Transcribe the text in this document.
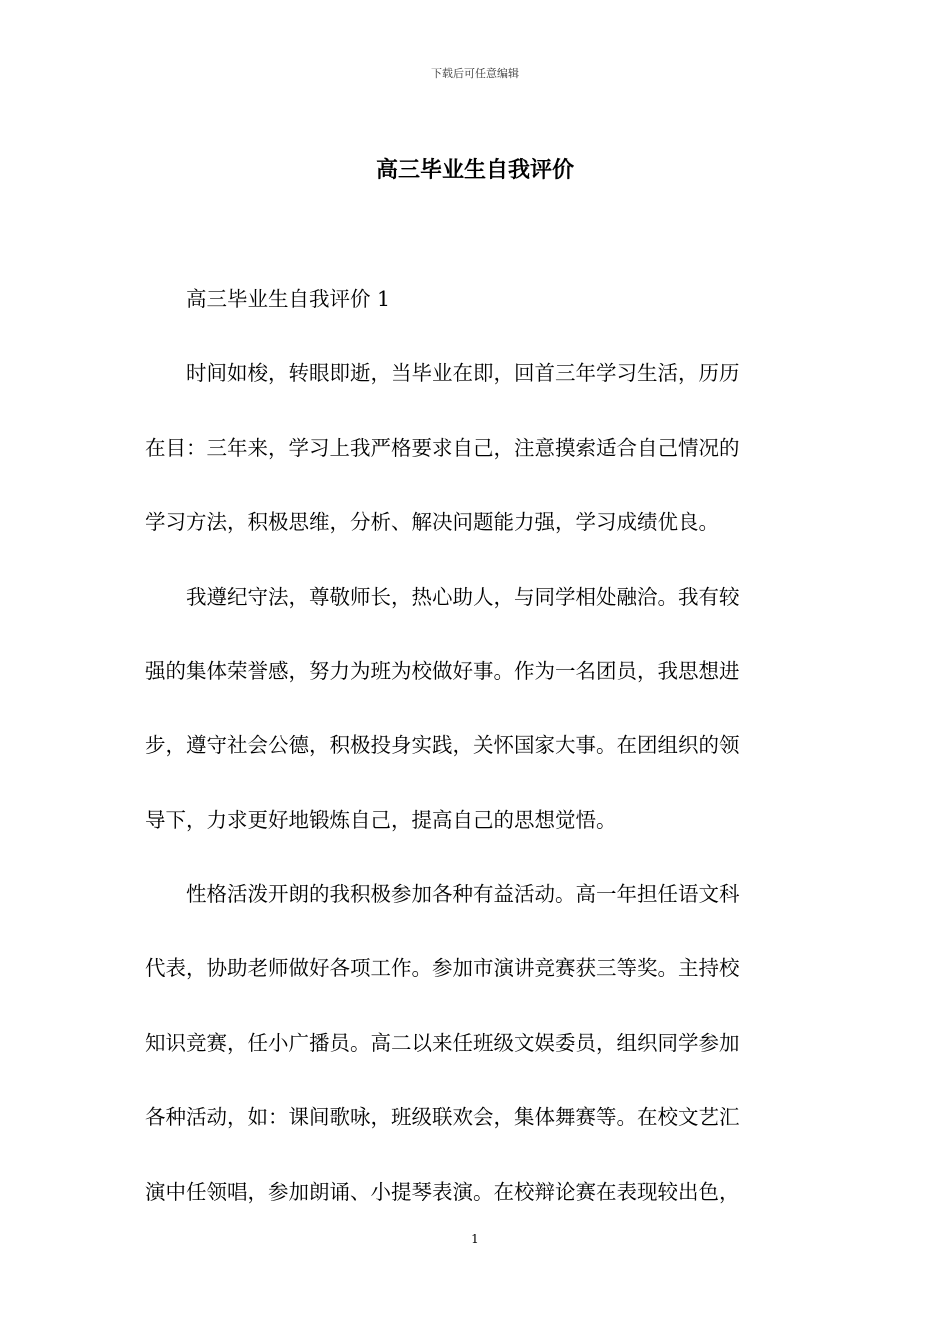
下载后可任意编辑
高三毕业生自我评价

高三毕业生自我评价 1

时间如梭，转眼即逝，当毕业在即，回首三年学习生活，历历
在目：三年来，学习上我严格要求自己，注意摸索适合自己情况的
学习方法，积极思维，分析、解决问题能力强，学习成绩优良。

我遵纪守法，尊敬师长，热心助人，与同学相处融洽。我有较
强的集体荣誉感，努力为班为校做好事。作为一名团员，我思想进
步，遵守社会公德，积极投身实践，关怀国家大事。在团组织的领
导下，力求更好地锻炼自己，提高自己的思想觉悟。

性格活泼开朗的我积极参加各种有益活动。高一年担任语文科
代表，协助老师做好各项工作。参加市演讲竞赛获三等奖。主持校
知识竞赛，任小广播员。高二以来任班级文娱委员，组织同学参加
各种活动，如：课间歌咏，班级联欢会，集体舞赛等。在校文艺汇
演中任领唱，参加朗诵、小提琴表演。在校辩论赛在表现较出色，

1
